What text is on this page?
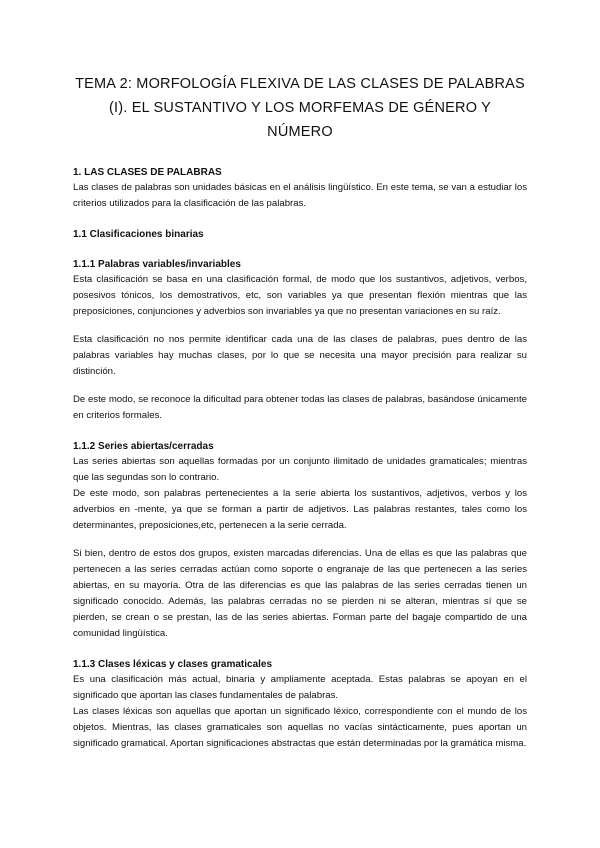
TEMA 2: MORFOLOGÍA FLEXIVA DE LAS CLASES DE PALABRAS
(I). EL SUSTANTIVO Y LOS MORFEMAS DE GÉNERO Y
NÚMERO
1. LAS CLASES DE PALABRAS

Las clases de palabras son unidades básicas en el análisis lingüístico. En este tema, se van a estudiar los criterios utilizados para la clasificación de las palabras.

1.1 Clasificaciones binarias
1.1.1 Palabras variables/invariables

Esta clasificación se basa en una clasificación formal, de modo que los sustantivos, adjetivos, verbos, posesivos tónicos, los demostrativos, etc, son variables ya que presentan flexión mientras que las preposiciones, conjunciones y adverbios son invariables ya que no presentan variaciones en su raíz.

Esta clasificación no nos permite identificar cada una de las clases de palabras, pues dentro de las palabras variables hay muchas clases, por lo que se necesita una mayor precisión para realizar su distinción.

De este modo, se reconoce la dificultad para obtener todas las clases de palabras, basándose únicamente en criterios formales.

1.1.2 Series abiertas/cerradas

Las series abiertas son aquellas formadas por un conjunto ilimitado de unidades gramaticales; mientras que las segundas son lo contrario.

De este modo, son palabras pertenecientes a la serie abierta los sustantivos, adjetivos, verbos y los adverbios en -mente, ya que se forman a partir de adjetivos. Las palabras restantes, tales como los determinantes, preposiciones,etc, pertenecen a la serie cerrada.

Si bien, dentro de estos dos grupos, existen marcadas diferencias. Una de ellas es que las palabras que pertenecen a las series cerradas actúan como soporte o engranaje de las que pertenecen a las series abiertas, en su mayoría. Otra de las diferencias es que las palabras de las series cerradas tienen un significado conocido. Además, las palabras cerradas no se pierden ni se alteran, mientras sí que se pierden, se crean o se prestan, las de las series abiertas. Forman parte del bagaje compartido de una comunidad lingüística.

1.1.3 Clases léxicas y clases gramaticales

Es una clasificación más actual, binaria y ampliamente aceptada. Estas palabras se apoyan en el significado que aportan las clases fundamentales de palabras.

Las clases léxicas son aquellas que aportan un significado léxico, correspondiente con el mundo de los objetos. Mientras, las clases gramaticales son aquellas no vacías sintácticamente, pues aportan un significado gramatical. Aportan significaciones abstractas que están determinadas por la gramática misma.
